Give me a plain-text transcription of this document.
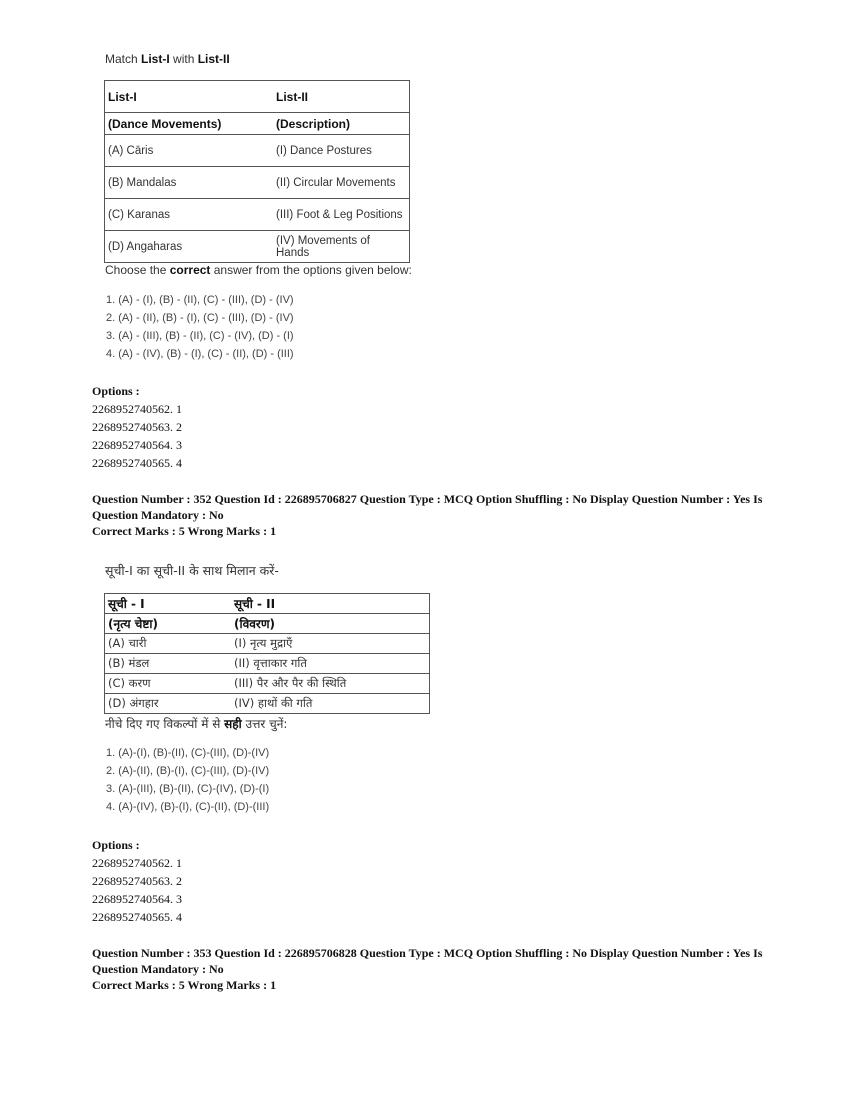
Match List-I with List-II
List-I	List-II
(Dance Movements)	(Description)
(A) Cāris	(I) Dance Postures
(B) Mandalas	(II) Circular Movements
(C) Karanas	(III) Foot & Leg Positions
(D) Angaharas	(IV) Movements of Hands
Choose the correct answer from the options given below:
1. (A) - (I), (B) - (II), (C) - (III), (D) - (IV)
2. (A) - (II), (B) - (I), (C) - (III), (D) - (IV)
3. (A) - (III), (B) - (II), (C) - (IV), (D) - (I)
4. (A) - (IV), (B) - (I), (C) - (II), (D) - (III)
Options :
2268952740562. 1
2268952740563. 2
2268952740564. 3
2268952740565. 4
Question Number : 352 Question Id : 226895706827 Question Type : MCQ Option Shuffling : No Display Question Number : Yes Is Question Mandatory : No
Correct Marks : 5 Wrong Marks : 1
सूची-I का सूची-II के साथ मिलान करें-
सूची - I	सूची - II
(नृत्य चेष्टा)	(विवरण)
(A) चारी	(I) नृत्य मुद्राएँ
(B) मंडल	(II) वृत्ताकार गति
(C) करण	(III) पैर और पैर की स्थिति
(D) अंगहार	(IV) हाथों की गति
नीचे दिए गए विकल्पों में से सही उत्तर चुनें:
1. (A)-(I), (B)-(II), (C)-(III), (D)-(IV)
2. (A)-(II), (B)-(I), (C)-(III), (D)-(IV)
3. (A)-(III), (B)-(II), (C)-(IV), (D)-(I)
4. (A)-(IV), (B)-(I), (C)-(II), (D)-(III)
Options :
2268952740562. 1
2268952740563. 2
2268952740564. 3
2268952740565. 4
Question Number : 353 Question Id : 226895706828 Question Type : MCQ Option Shuffling : No Display Question Number : Yes Is Question Mandatory : No
Correct Marks : 5 Wrong Marks : 1
